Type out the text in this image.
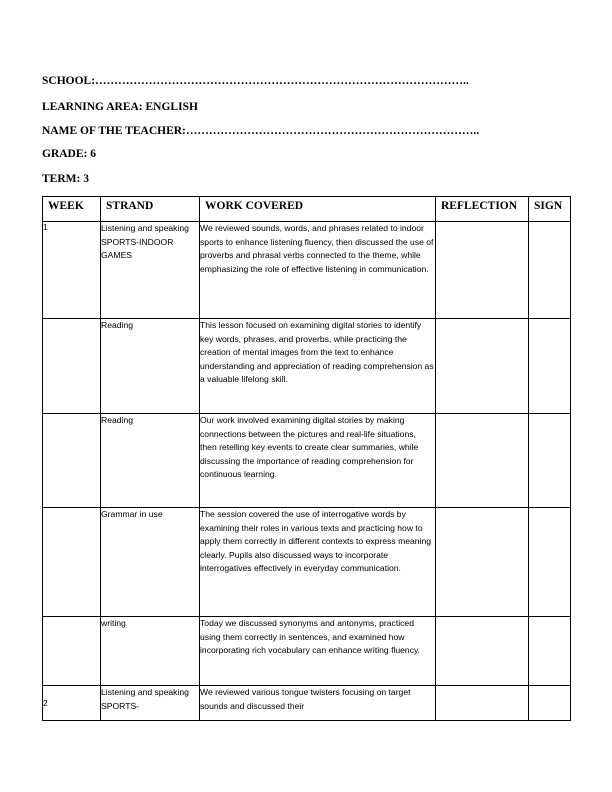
SCHOOL:……………………………………………………………………………………..
LEARNING AREA: ENGLISH
NAME OF THE TEACHER:…………………………………………………………………..
GRADE: 6
TERM: 3
WEEK	STRAND	WORK COVERED	REFLECTION	SIGN
1	Listening and speaking SPORTS-INDOOR GAMES	We reviewed sounds, words, and phrases related to indoor sports to enhance listening fluency, then discussed the use of proverbs and phrasal verbs connected to the theme, while emphasizing the role of effective listening in communication.		
	Reading	This lesson focused on examining digital stories to identify key words, phrases, and proverbs, while practicing the creation of mental images from the text to enhance understanding and appreciation of reading comprehension as a valuable lifelong skill.		
	Reading	Our work involved examining digital stories by making connections between the pictures and real-life situations, then retelling key events to create clear summaries, while discussing the importance of reading comprehension for continuous learning.		
	Grammar in use	The session covered the use of interrogative words by examining their roles in various texts and practicing how to apply them correctly in different contexts to express meaning clearly. Pupils also discussed ways to incorporate interrogatives effectively in everyday communication.		
	writing	Today we discussed synonyms and antonyms, practiced using them correctly in sentences, and examined how incorporating rich vocabulary can enhance writing fluency.		
2	Listening and speaking SPORTS-	We reviewed various tongue twisters focusing on target sounds and discussed their		
